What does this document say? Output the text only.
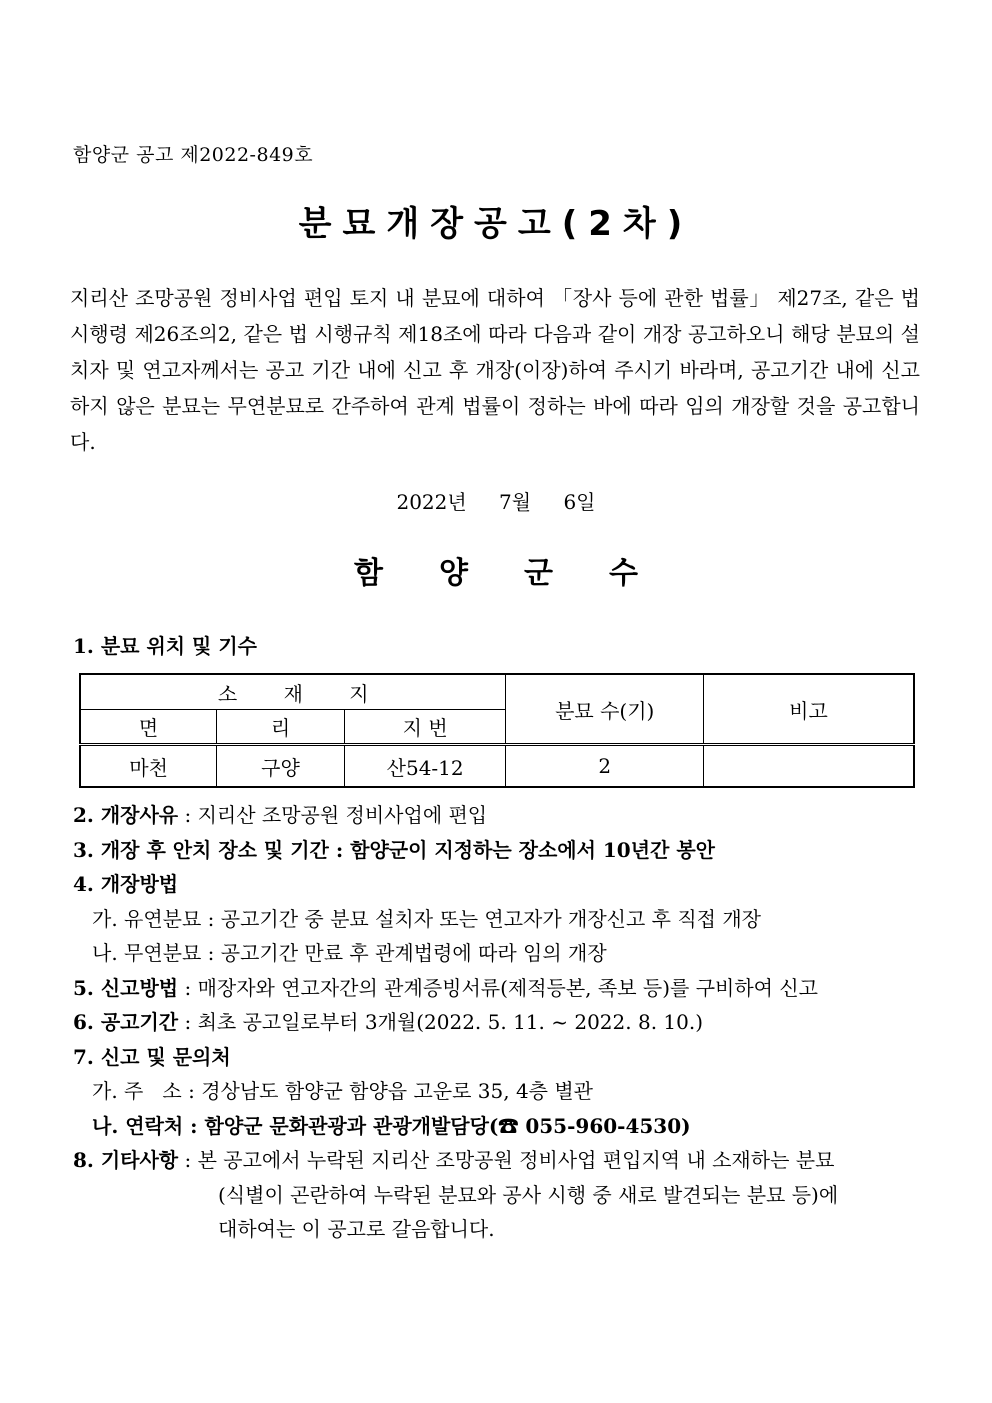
함양군 공고 제2022-849호
분묘개장공고(2차)
지리산 조망공원 정비사업 편입 토지 내 분묘에 대하여 「장사 등에 관한 법률」 제27조, 같은 법 시행령 제26조의2, 같은 법 시행규칙 제18조에 따라 다음과 같이 개장 공고하오니 해당 분묘의 설치자 및 연고자께서는 공고 기간 내에 신고 후 개장(이장)하여 주시기 바라며, 공고기간 내에 신고하지 않은 분묘는 무연분묘로 간주하여 관계 법률이 정하는 바에 따라 임의 개장할 것을 공고합니다.
2022년 7월 6일
함양군수
1. 분묘 위치 및 기수
소 재 지			분묘 수(기)	비고
면	리	지 번		
마천	구양	산54-12	2	
2. 개장사유 : 지리산 조망공원 정비사업에 편입
3. 개장 후 안치 장소 및 기간 : 함양군이 지정하는 장소에서 10년간 봉안
4. 개장방법
가. 유연분묘 : 공고기간 중 분묘 설치자 또는 연고자가 개장신고 후 직접 개장
나. 무연분묘 : 공고기간 만료 후 관계법령에 따라 임의 개장
5. 신고방법 : 매장자와 연고자간의 관계증빙서류(제적등본, 족보 등)를 구비하여 신고
6. 공고기간 : 최초 공고일로부터 3개월(2022. 5. 11. ~ 2022. 8. 10.)
7. 신고 및 문의처
가. 주   소 : 경상남도 함양군 함양읍 고운로 35, 4층 별관
나. 연락처 : 함양군 문화관광과 관광개발담당(☎ 055-960-4530)
8. 기타사항 : 본 공고에서 누락된 지리산 조망공원 정비사업 편입지역 내 소재하는 분묘
(식별이 곤란하여 누락된 분묘와 공사 시행 중 새로 발견되는 분묘 등)에
대하여는 이 공고로 갈음합니다.
